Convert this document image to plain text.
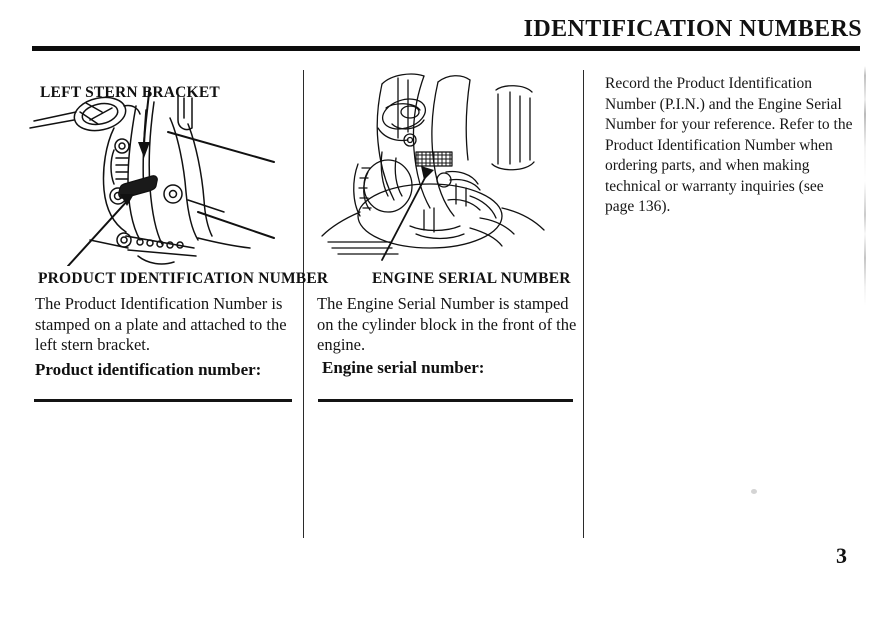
IDENTIFICATION NUMBERS
LEFT STERN BRACKET
PRODUCT IDENTIFICATION NUMBER
The Product Identification Number is stamped on a plate and attached to the left stern bracket.
Product identification number:
ENGINE SERIAL NUMBER
The Engine Serial Number is stamped on the cylinder block in the front of the engine.
Engine serial number:
Record the Product Identification Number (P.I.N.) and the Engine Serial Number for your reference. Refer to the Product Identification Number when ordering parts, and when making technical or warranty inquiries (see page 136).
3
